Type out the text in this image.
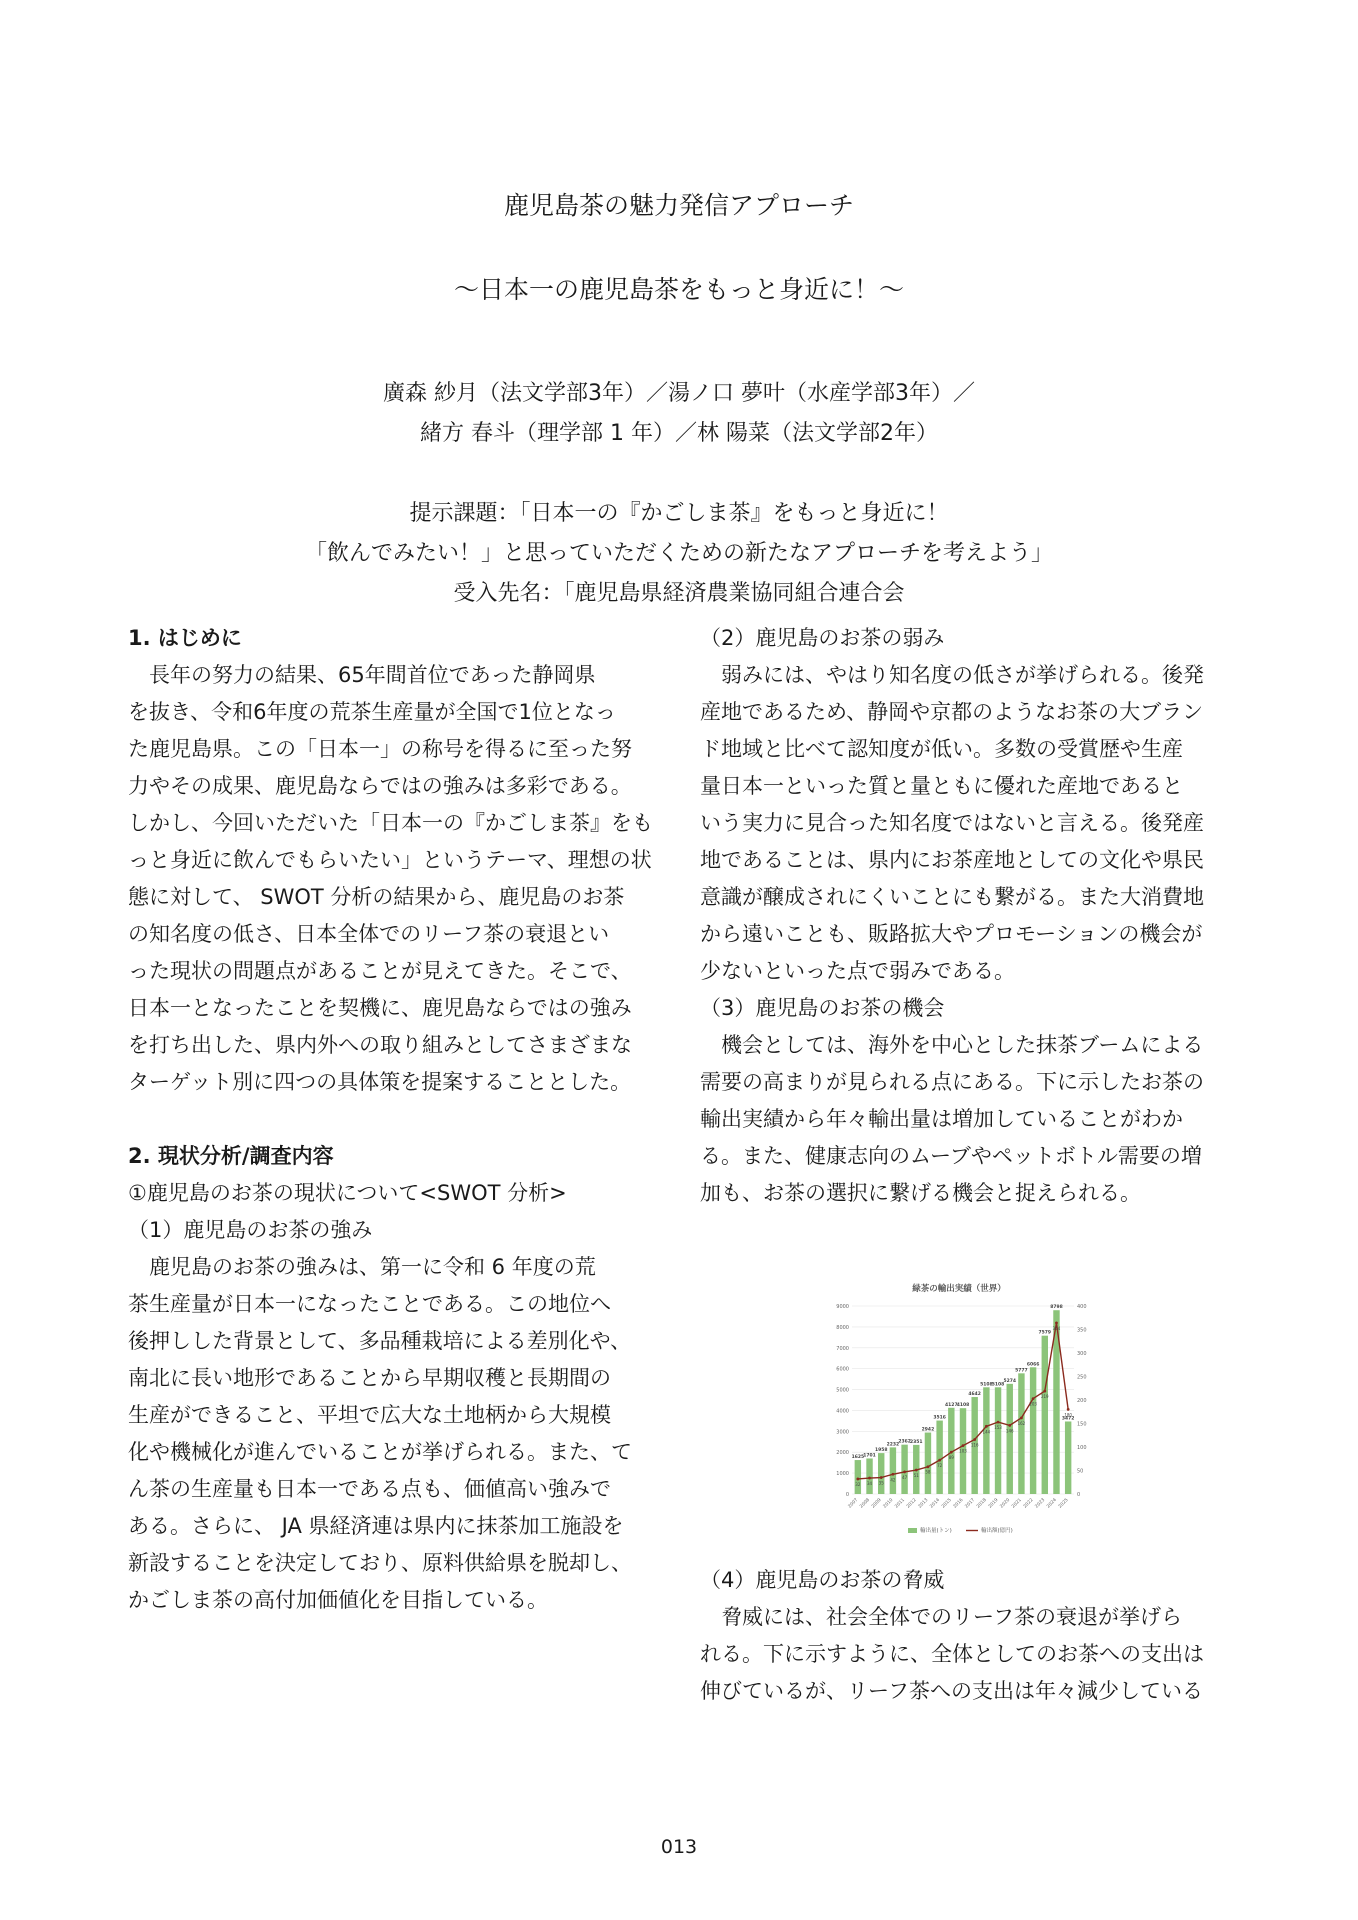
鹿児島茶の魅力発信アプローチ
〜日本一の鹿児島茶をもっと身近に！〜
廣森 紗月（法文学部3年）／湯ノ口 夢叶（水産学部3年）／
緒方 春斗（理学部 1 年）／林 陽菜（法文学部2年）
提示課題：「日本一の『かごしま茶』をもっと身近に！
「飲んでみたい！」と思っていただくための新たなアプローチを考えよう」
受入先名：「鹿児島県経済農業協同組合連合会
1. はじめに

　長年の努力の結果、65年間首位であった静岡県
を抜き、令和6年度の荒茶生産量が全国で1位となっ
た鹿児島県。この「日本一」の称号を得るに至った努
力やその成果、鹿児島ならではの強みは多彩である。
しかし、今回いただいた「日本一の『かごしま茶』をも
っと身近に飲んでもらいたい」というテーマ、理想の状
態に対して、 SWOT 分析の結果から、鹿児島のお茶
の知名度の低さ、日本全体でのリーフ茶の衰退とい
った現状の問題点があることが見えてきた。そこで、
日本一となったことを契機に、鹿児島ならではの強み
を打ち出した、県内外への取り組みとしてさまざまな
ターゲット別に四つの具体策を提案することとした。

2. 現状分析/調査内容
①鹿児島のお茶の現状について<SWOT 分析>
（1）鹿児島のお茶の強み

　鹿児島のお茶の強みは、第一に令和 6 年度の荒
茶生産量が日本一になったことである。この地位へ
後押しした背景として、多品種栽培による差別化や、
南北に長い地形であることから早期収穫と長期間の
生産ができること、平坦で広大な土地柄から大規模
化や機械化が進んでいることが挙げられる。また、て
ん茶の生産量も日本一である点も、価値高い強みで
ある。さらに、 JA 県経済連は県内に抹茶加工施設を
新設することを決定しており、原料供給県を脱却し、
かごしま茶の高付加価値化を目指している。

（2）鹿児島のお茶の弱み

　弱みには、やはり知名度の低さが挙げられる。後発
産地であるため、静岡や京都のようなお茶の大ブラン
ド地域と比べて認知度が低い。多数の受賞歴や生産
量日本一といった質と量ともに優れた産地であると
いう実力に見合った知名度ではないと言える。後発産
地であることは、県内にお茶産地としての文化や県民
意識が醸成されにくいことにも繋がる。また大消費地
から遠いことも、販路拡大やプロモーションの機会が
少ないといった点で弱みである。

（3）鹿児島のお茶の機会

　機会としては、海外を中心とした抹茶ブームによる
需要の高まりが見られる点にある。下に示したお茶の
輸出実績から年々輸出量は増加していることがわか
る。また、健康志向のムーブやペットボトル需要の増
加も、お茶の選択に繋げる機会と捉えられる。

緑茶の輸出実績（世界）
0
1000
2000
3000
4000
5000
6000
7000
8000
9000
0
50
100
150
200
250
300
350
400
1625 1701
1958
2232
2362 2351
2942
3516
4127 4108
4642
5108 5108
5274
5777
6066
7579
8798
3472
32 34 35
42 47 51
58
72
89
103
116
144
153
146
162
203
219
364
180
2007 2008 2009 2010 2011 2012 2013 2014 2015 2016 2017 2018 2019 2020 2021 2022 2023 2024 2025
輸出量(トン)	輸出額(億円)
（4）鹿児島のお茶の脅威

　脅威には、社会全体でのリーフ茶の衰退が挙げら
れる。下に示すように、全体としてのお茶への支出は
伸びているが、リーフ茶への支出は年々減少している

013
